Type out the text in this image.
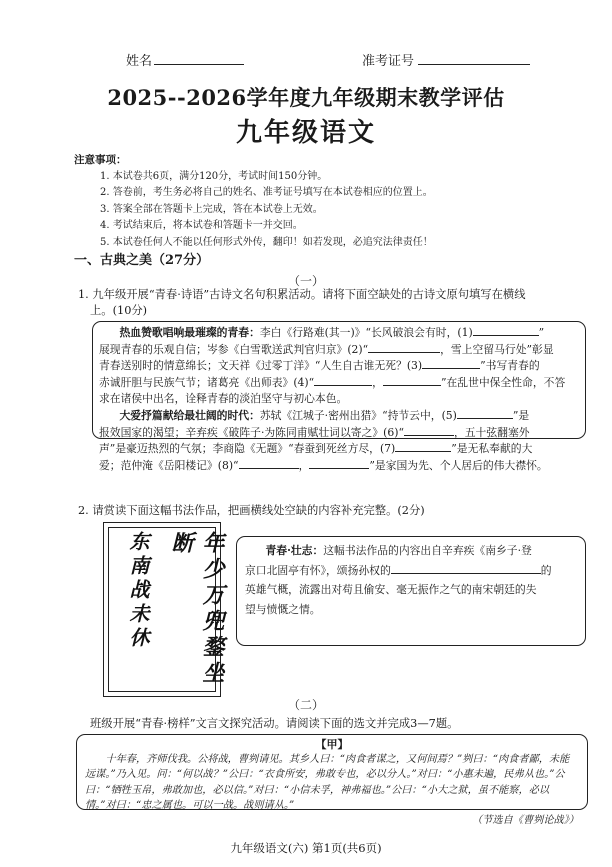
姓名	准考证号
2025--2026学年度九年级期末教学评估
九年级语文
注意事项：
1. 本试卷共6页，满分120分，考试时间150分钟。
2. 答卷前，考生务必将自己的姓名、准考证号填写在本试卷相应的位置上。
3. 答案全部在答题卡上完成，答在本试卷上无效。
4. 考试结束后，将本试卷和答题卡一并交回。
5. 本试卷任何人不能以任何形式外传，翻印！如若发现，必追究法律责任！
一、古典之美（27分）
（一）
1. 九年级开展“青春·诗语”古诗文名句积累活动。请将下面空缺处的古诗文原句填写在横线
上。(10分)

热血赞歌唱响最璀璨的青春：李白《行路难(其一)》“长风破浪会有时，(1)	”

展现青春的乐观自信；岑参《白雪歌送武判官归京》(2)“	，雪上空留马行处”彰显
青春送别时的情意绵长；文天祥《过零丁洋》“人生自古谁无死？(3)	”书写青春的
赤诚肝胆与民族气节；诸葛亮《出师表》(4)“	，	”在乱世中保全性命，不答
求在诸侯中出名，诠释青春的淡泊坚守与初心本色。

大爱抒篇献给最壮阔的时代：苏轼《江城子·密州出猎》“持节云中，(5)	”是

报效国家的渴望；辛弃疾《破阵子·为陈同甫赋壮词以寄之》(6)“	，五十弦翻塞外
声”是豪迈热烈的气氛；李商隐《无题》“春蚕到死丝方尽，(7)	”是无私奉献的大
爱；范仲淹《岳阳楼记》(8)“	，	”是家国为先、个人居后的伟大襟怀。
2. 请赏读下面这幅书法作品，把画横线处空缺的内容补充完整。(2分)
年少万兜鍪坐断
东南战未休	青春·壮志：这幅书法作品的内容出自辛弃疾《南乡子·登
京口北固亭有怀》，颂扬孙权的	的
英雄气概，流露出对苟且偷安、毫无振作之气的南宋朝廷的失
望与愤慨之情。
（二）
班级开展“青春·榜样”文言文探究活动。请阅读下面的选文并完成3—7题。
【甲】

十年春，齐师伐我。公将战，曹刿请见。其乡人曰：“肉食者谋之，又何间焉？”刿曰：“肉食者鄙，未能远谋。”乃入见。问：“何以战？”公曰：“衣食所安，弗敢专也，必以分人。”对曰：“小惠未遍，民弗从也。”公曰：“牺牲玉帛，弗敢加也，必以信。”对曰：“小信未孚，神弗福也。”公曰：“小大之狱，虽不能察，必以情。”对曰：“忠之属也。可以一战。战则请从。”

（节选自《曹刿论战》）
九年级语文(六) 第1页(共6页)
